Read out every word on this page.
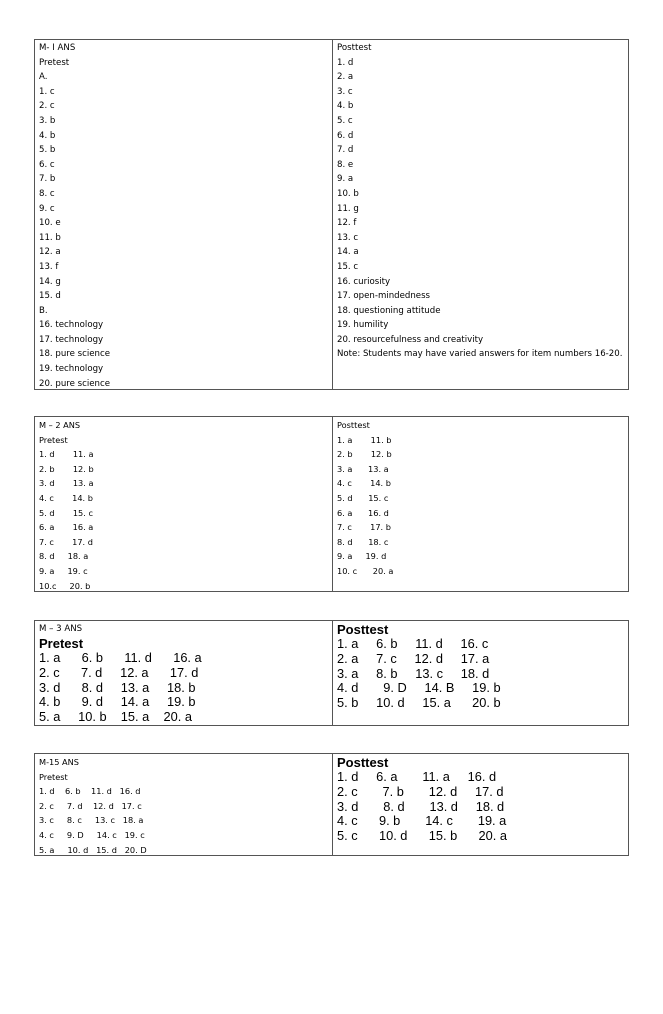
M- I ANS
Pretest
A.
1. c
2. c
3. b
4. b
5. b
6. c
7. b
8. c
9. c
10. e
11. b
12. a
13. f
14. g
15. d
B.
16. technology
17. technology
18. pure science
19. technology
20. pure science
Posttest
1. d
2. a
3. c
4. b
5. c
6. d
7. d
8. e
9. a
10. b
11. g
12. f
13. c
14. a
15. c
16. curiosity
17. open-mindedness
18. questioning attitude
19. humility
20. resourcefulness and creativity
Note: Students may have varied answers for item numbers 16-20.
M – 2 ANS
Pretest
1. d       11. a
2. b       12. b
3. d       13. a
4. c       14. b
5. d       15. c
6. a       16. a
7. c       17. d
8. d     18. a
9. a     19. c
10.c     20. b
Posttest
1. a       11. b
2. b       12. b
3. a      13. a
4. c       14. b
5. d      15. c
6. a      16. d
7. c       17. b
8. d      18. c
9. a     19. d
10. c      20. a
M – 3 ANS
Pretest
1. a      6. b      11. d      16. a
2. c      7. d     12. a      17. d
3. d      8. d     13. a     18. b
4. b      9. d     14. a     19. b
5. a     10. b    15. a    20. a
Posttest
1. a     6. b     11. d     16. c
2. a     7. c     12. d     17. a
3. a     8. b     13. c     18. d
4. d       9. D     14. B     19. b
5. b     10. d     15. a      20. b
M-15 ANS
Pretest
1. d    6. b    11. d   16. d
2. c     7. d    12. d   17. c
3. c     8. c     13. c   18. a
4. c     9. D     14. c   19. c
5. a     10. d   15. d   20. D
Posttest
1. d     6. a       11. a     16. d
2. c       7. b       12. d     17. d
3. d       8. d       13. d     18. d
4. c      9. b       14. c       19. a
5. c      10. d      15. b      20. a
